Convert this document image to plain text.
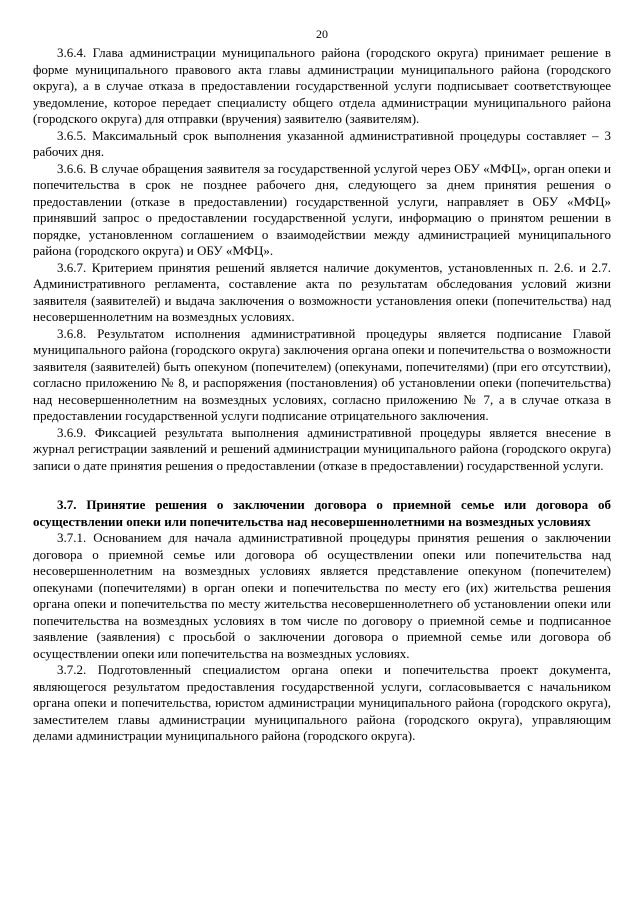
20

3.6.4. Глава администрации муниципального района (городского округа) принимает решение в форме муниципального правового акта главы администрации муниципального района (городского округа), а в случае отказа в предоставлении государственной услуги подписывает соответствующее уведомление, которое передает специалисту общего отдела администрации муниципального района (городского округа) для отправки (вручения) заявителю (заявителям).

3.6.5. Максимальный срок выполнения указанной административной процедуры составляет – 3 рабочих дня.

3.6.6. В случае обращения заявителя за государственной услугой через ОБУ «МФЦ», орган опеки и попечительства в срок не позднее рабочего дня, следующего за днем принятия решения о предоставлении (отказе в предоставлении) государственной услуги, направляет в ОБУ «МФЦ» принявший запрос о предоставлении государственной услуги, информацию о принятом решении в порядке, установленном соглашением о взаимодействии между администрацией муниципального района (городского округа) и ОБУ «МФЦ».

3.6.7. Критерием принятия решений является наличие документов, установленных п. 2.6. и 2.7. Административного регламента, составление акта по результатам обследования условий жизни заявителя (заявителей) и выдача заключения о возможности установления опеки (попечительства) над несовершеннолетним на возмездных условиях.

3.6.8. Результатом исполнения административной процедуры является подписание Главой муниципального района (городского округа) заключения органа опеки и попечительства о возможности заявителя (заявителей) быть опекуном (попечителем) (опекунами, попечителями) (при его отсутствии), согласно приложению № 8, и распоряжения (постановления) об установлении опеки (попечительства) над несовершеннолетним на возмездных условиях, согласно приложению № 7, а в случае отказа в предоставлении государственной услуги подписание отрицательного заключения.

3.6.9. Фиксацией результата выполнения административной процедуры является внесение в журнал регистрации заявлений и решений администрации муниципального района (городского округа) записи о дате принятия решения о предоставлении (отказе в предоставлении) государственной услуги.

3.7. Принятие решения о заключении договора о приемной семье или договора об осуществлении опеки или попечительства над несовершеннолетними на возмездных условиях

3.7.1. Основанием для начала административной процедуры принятия решения о заключении договора о приемной семье или договора об осуществлении опеки или попечительства над несовершеннолетним на возмездных условиях является представление опекуном (попечителем) опекунами (попечителями) в орган опеки и попечительства по месту его (их) жительства решения органа опеки и попечительства по месту жительства несовершеннолетнего об установлении опеки или попечительства на возмездных условиях в том числе по договору о приемной семье и подписанное заявление (заявления) с просьбой о заключении договора о приемной семье или договора об осуществлении опеки или попечительства на возмездных условиях.

3.7.2. Подготовленный специалистом органа опеки и попечительства проект документа, являющегося результатом предоставления государственной услуги, согласовывается с начальником органа опеки и попечительства, юристом администрации муниципального района (городского округа), заместителем главы администрации муниципального района (городского округа), управляющим делами администрации муниципального района (городского округа).
